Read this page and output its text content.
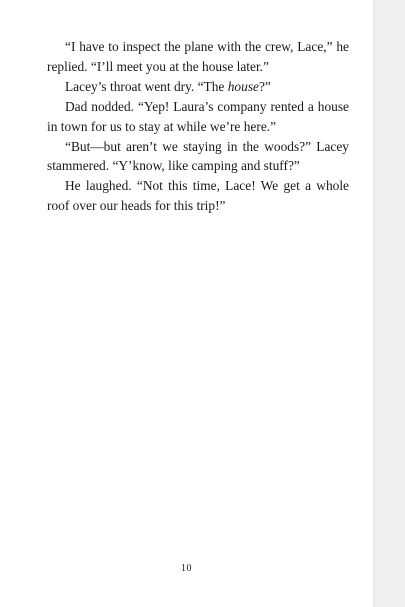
“I have to inspect the plane with the crew, Lace,” he replied. “I’ll meet you at the house later.”

Lacey’s throat went dry. “The house?”

Dad nodded. “Yep! Laura’s company rented a house in town for us to stay at while we’re here.”

“But—but aren’t we staying in the woods?” Lacey stammered. “Y’know, like camping and stuff?”

He laughed. “Not this time, Lace! We get a whole roof over our heads for this trip!”

10
